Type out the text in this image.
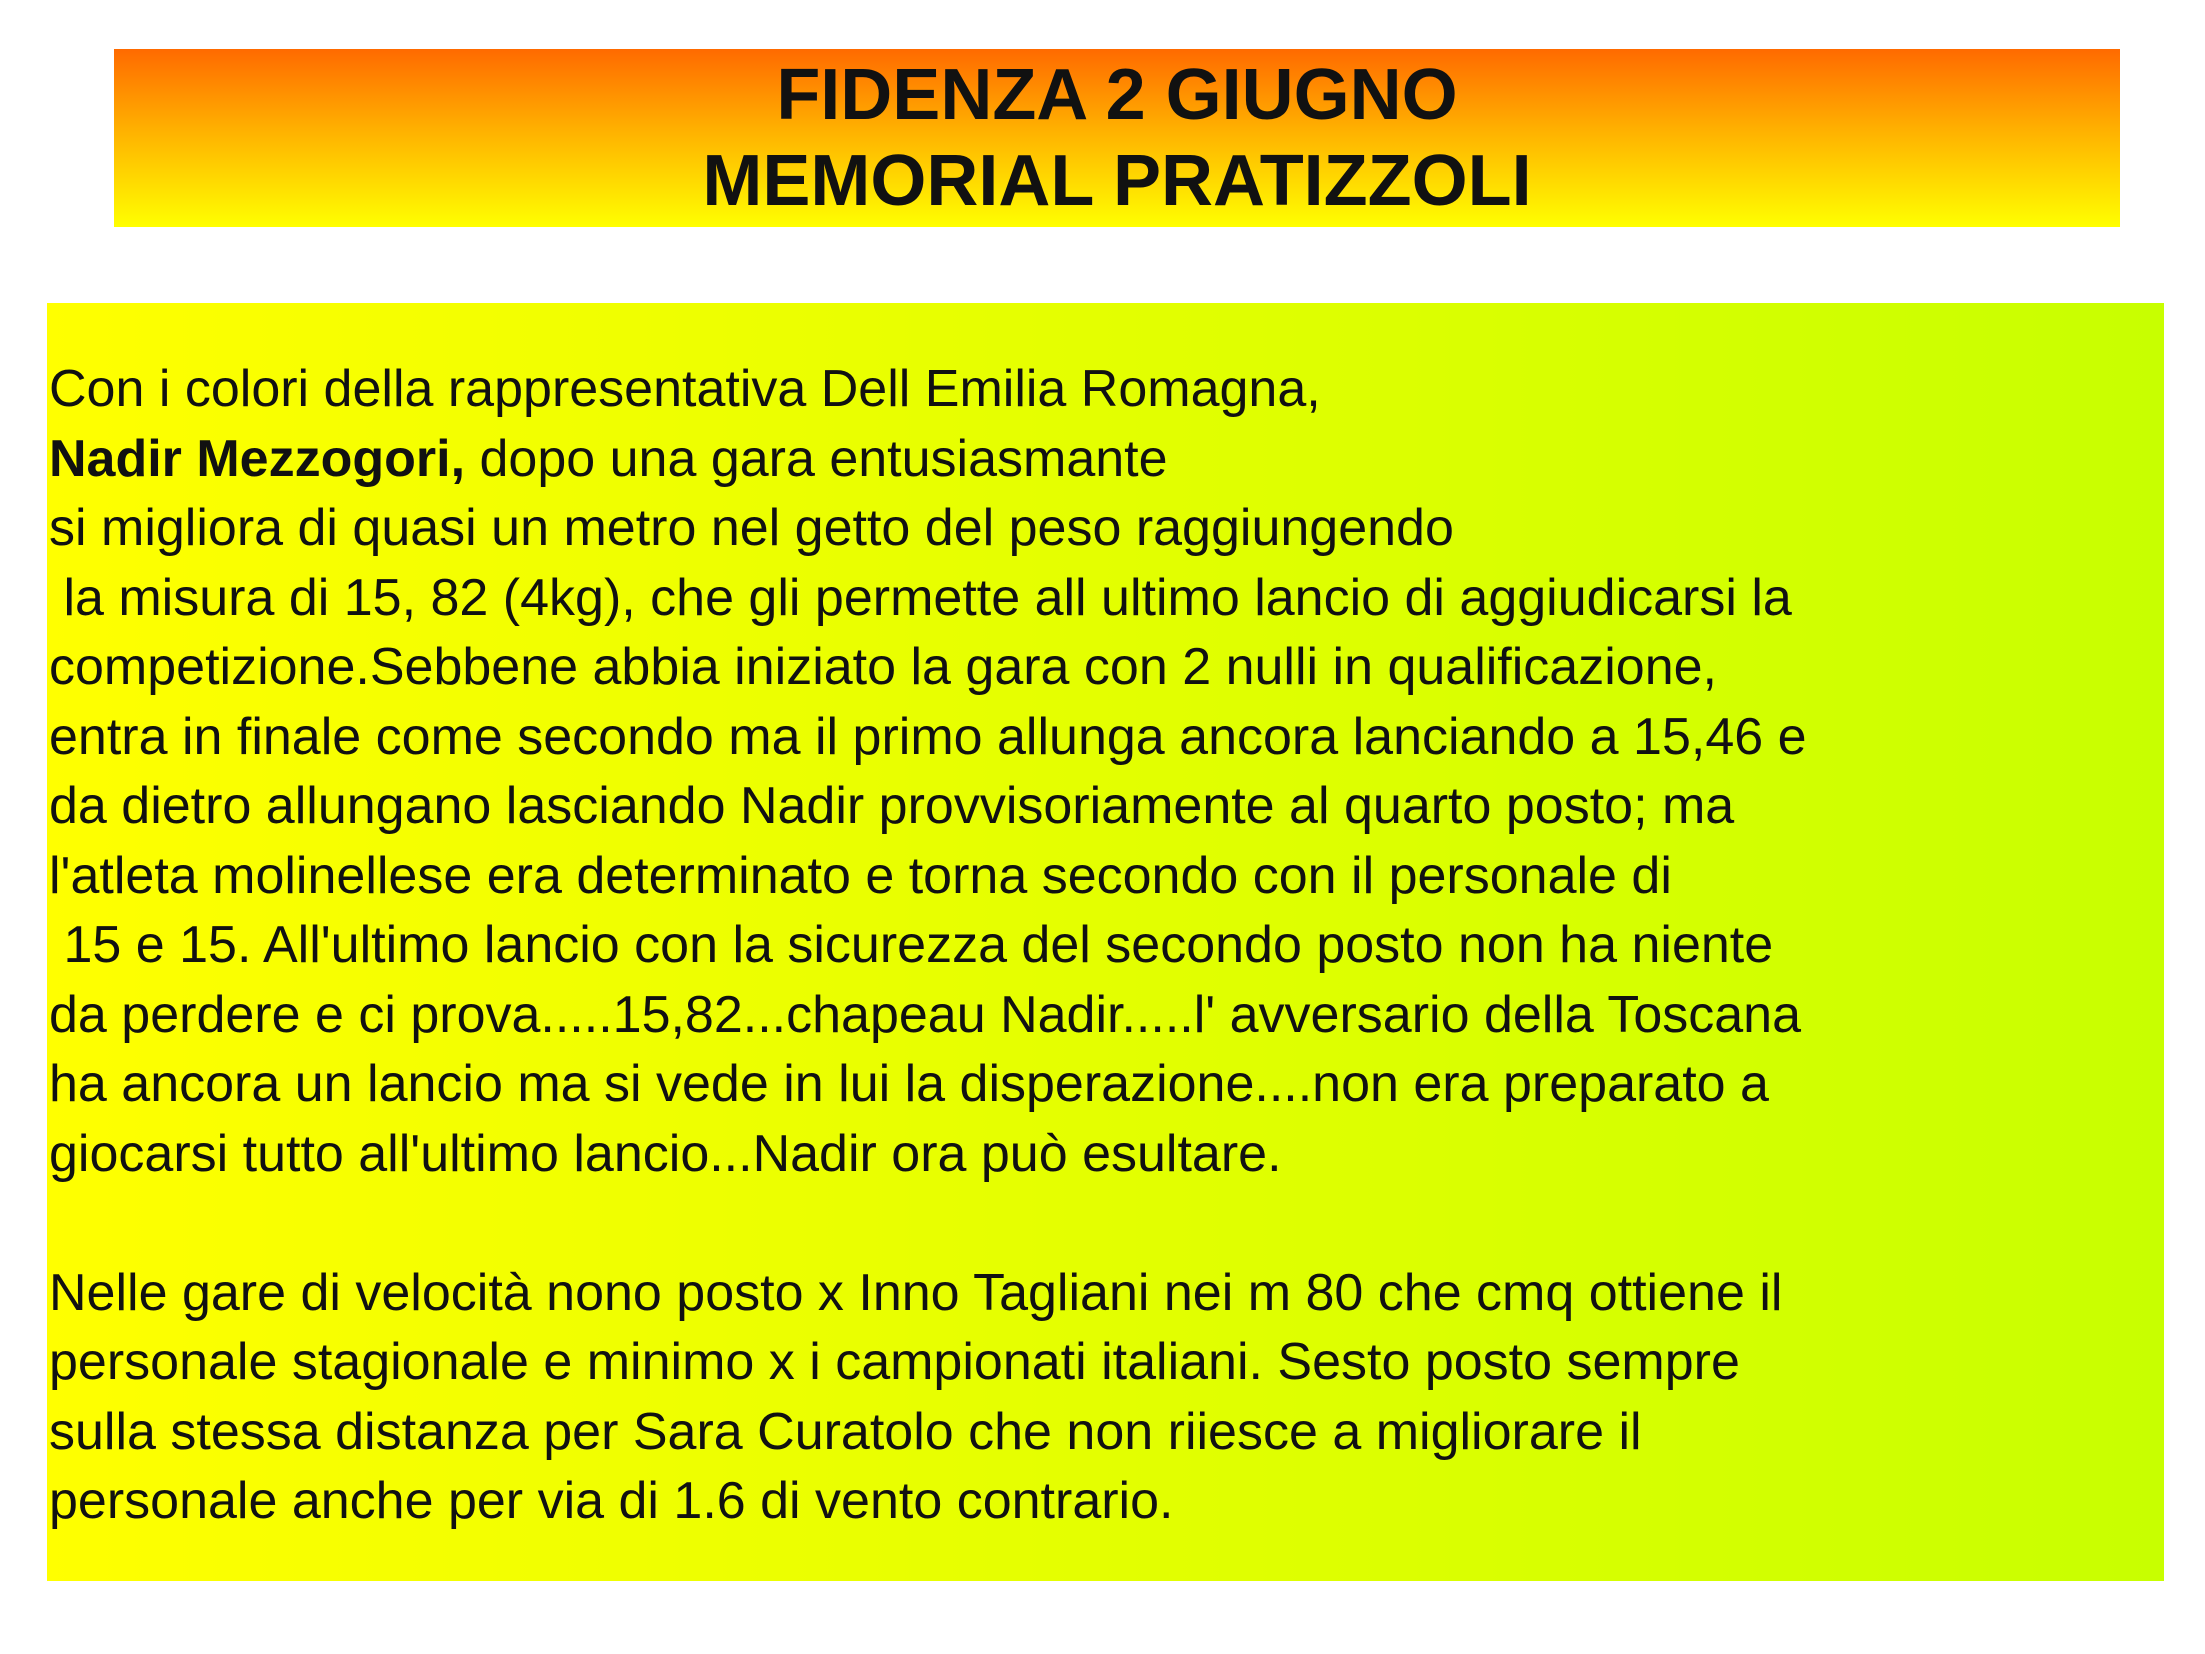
FIDENZA 2 GIUGNO
MEMORIAL PRATIZZOLI
Con i colori della rappresentativa Dell Emilia Romagna,
Nadir Mezzogori, dopo una gara entusiasmante
si migliora di quasi un metro nel getto del peso raggiungendo
la misura di 15, 82 (4kg), che gli permette all ultimo lancio di aggiudicarsi la
competizione.Sebbene abbia iniziato la gara con 2 nulli in qualificazione,
entra in finale come secondo ma il primo allunga ancora lanciando a 15,46 e
da dietro allungano lasciando Nadir provvisoriamente al quarto posto; ma
l'atleta molinellese era determinato e torna secondo con il personale di
15 e 15. All'ultimo lancio con la sicurezza del secondo posto non ha niente
da perdere e ci prova.....15,82...chapeau Nadir.....l' avversario della Toscana
ha ancora un lancio ma si vede in lui la disperazione....non era preparato a
giocarsi tutto all'ultimo lancio...Nadir ora può esultare.
Nelle gare di velocità nono posto x Inno Tagliani nei m 80 che cmq ottiene il
personale stagionale e minimo x i campionati italiani. Sesto posto sempre
sulla stessa distanza per Sara Curatolo che non riiesce a migliorare il
personale anche per via di 1.6 di vento contrario.
